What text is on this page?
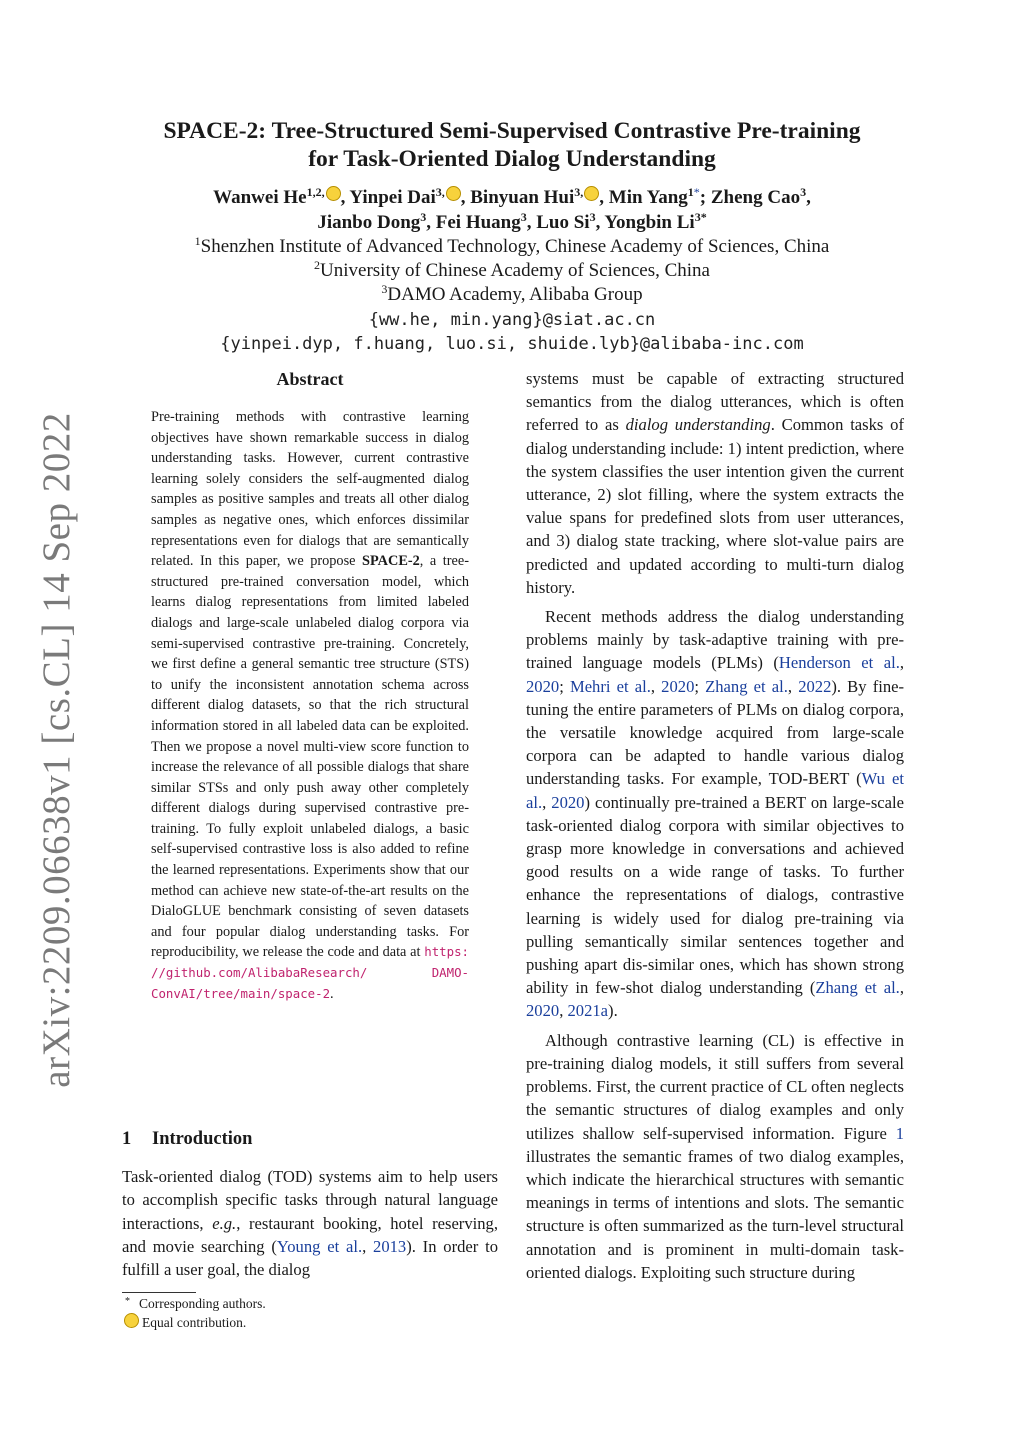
arXiv:2209.06638v1 [cs.CL] 14 Sep 2022
SPACE-2: Tree-Structured Semi-Supervised Contrastive Pre-training
for Task-Oriented Dialog Understanding
Wanwei $He^{1,2,}$ , Yinpei Dai$^{3,}$ , Binyuan Hui$^{3,}$ , Min Yang$^{1*}$; Zheng Cao$^3$,
Jianbo Dong$^3$, Fei Huang$^3$, Luo Si$^3$, Yongbin $Li^{3*}$
$^1$Shenzhen Institute of Advanced Technology, Chinese Academy of Sciences, China
$^2$University of Chinese Academy of Sciences, China
$^3$DAMO Academy, Alibaba Group
{ww.he, min.yang}@siat.ac.cn
{yinpei.dyp, f.huang, luo.si, shuide.lyb}@alibaba-inc.com
Abstract

Pre-training methods with contrastive learning objectives have shown remarkable success in dialog understanding tasks. However, current contrastive learning solely considers the self-augmented dialog samples as positive samples and treats all other dialog samples as negative ones, which enforces dissimilar representations even for dialogs that are semantically related. In this paper, we propose SPACE-2, a tree-structured pre-trained conversation model, which learns dialog representations from limited labeled dialogs and large-scale unlabeled dialog corpora via semi-supervised contrastive pre-training. Concretely, we first define a general semantic tree structure (STS) to unify the inconsistent annotation schema across different dialog datasets, so that the rich structural information stored in all labeled data can be exploited. Then we propose a novel multi-view score function to increase the relevance of all possible dialogs that share similar STSs and only push away other completely different dialogs during supervised contrastive pre-training. To fully exploit unlabeled dialogs, a basic self-supervised contrastive loss is also added to refine the learned representations. Experiments show that our method can achieve new state-of-the-art results on the DialoGLUE benchmark consisting of seven datasets and four popular dialog understanding tasks. For reproducibility, we release the code and data at https: //github.com/AlibabaResearch/	DAMO-ConvAI/tree/main/space-2.

1 Introduction

Task-oriented dialog (TOD) systems aim to help users to accomplish specific tasks through natural language interactions, e.g., restaurant booking, hotel reserving, and movie searching (Young et al., 2013). In order to fulfill a user goal, the dialog

* Corresponding authors.
Equal contribution.

systems must be capable of extracting structured semantics from the dialog utterances, which is often referred to as dialog understanding. Common tasks of dialog understanding include: 1) intent prediction, where the system classifies the user intention given the current utterance, 2) slot filling, where the system extracts the value spans for predefined slots from user utterances, and 3) dialog state tracking, where slot-value pairs are predicted and updated according to multi-turn dialog history.

Recent methods address the dialog understanding problems mainly by task-adaptive training with pre-trained language models (PLMs) (Henderson et al., 2020; Mehri et al., 2020; Zhang et al., 2022). By fine-tuning the entire parameters of PLMs on dialog corpora, the versatile knowledge acquired from large-scale corpora can be adapted to handle various dialog understanding tasks. For example, TOD-BERT (Wu et al., 2020) continually pre-trained a BERT on large-scale task-oriented dialog corpora with similar objectives to grasp more knowledge in conversations and achieved good results on a wide range of tasks. To further enhance the representations of dialogs, contrastive learning is widely used for dialog pre-training via pulling semantically similar sentences together and pushing apart dis-similar ones, which has shown strong ability in few-shot dialog understanding (Zhang et al., 2020, 2021a).

Although contrastive learning (CL) is effective in pre-training dialog models, it still suffers from several problems. First, the current practice of CL often neglects the semantic structures of dialog examples and only utilizes shallow self-supervised information. Figure 1 illustrates the semantic frames of two dialog examples, which indicate the hierarchical structures with semantic meanings in terms of intentions and slots. The semantic structure is often summarized as the turn-level structural annotation and is prominent in multi-domain task-oriented dialogs. Exploiting such structure during
